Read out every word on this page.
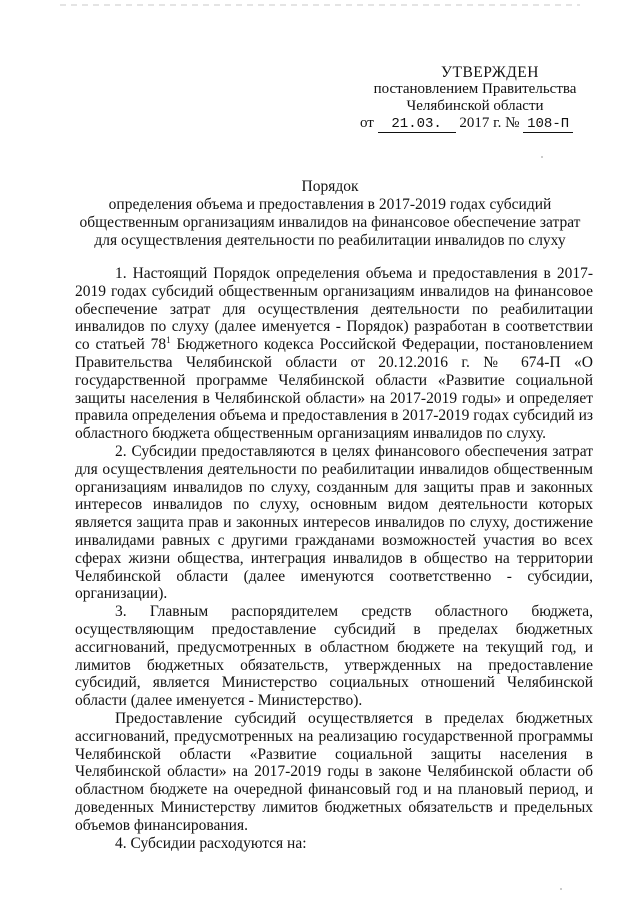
УТВЕРЖДЕН
постановлением Правительства
Челябинской области
от 21.03. 2017 г. № 108-П
Порядок
определения объема и предоставления в 2017-2019 годах субсидий общественным организациям инвалидов на финансовое обеспечение затрат для осуществления деятельности по реабилитации инвалидов по слуху

1. Настоящий Порядок определения объема и предоставления в 2017-2019 годах субсидий общественным организациям инвалидов на финансовое обеспечение затрат для осуществления деятельности по реабилитации инвалидов по слуху (далее именуется - Порядок) разработан в соответствии со статьей $78^1$ Бюджетного кодекса Российской Федерации, постановлением Правительства Челябинской области от 20.12.2016 г. № 674-П «О государственной программе Челябинской области «Развитие социальной защиты населения в Челябинской области» на 2017-2019 годы» и определяет правила определения объема и предоставления в 2017-2019 годах субсидий из областного бюджета общественным организациям инвалидов по слуху.

2. Субсидии предоставляются в целях финансового обеспечения затрат для осуществления деятельности по реабилитации инвалидов общественным организациям инвалидов по слуху, созданным для защиты прав и законных интересов инвалидов по слуху, основным видом деятельности которых является защита прав и законных интересов инвалидов по слуху, достижение инвалидами равных с другими гражданами возможностей участия во всех сферах жизни общества, интеграция инвалидов в общество на территории Челябинской области (далее именуются соответственно - субсидии, организации).

3. Главным распорядителем средств областного бюджета, осуществляющим предоставление субсидий в пределах бюджетных ассигнований, предусмотренных в областном бюджете на текущий год, и лимитов бюджетных обязательств, утвержденных на предоставление субсидий, является Министерство социальных отношений Челябинской области (далее именуется - Министерство).

Предоставление субсидий осуществляется в пределах бюджетных ассигнований, предусмотренных на реализацию государственной программы Челябинской области «Развитие социальной защиты населения в Челябинской области» на 2017-2019 годы в законе Челябинской области об областном бюджете на очередной финансовый год и на плановый период, и доведенных Министерству лимитов бюджетных обязательств и предельных объемов финансирования.

4. Субсидии расходуются на:
